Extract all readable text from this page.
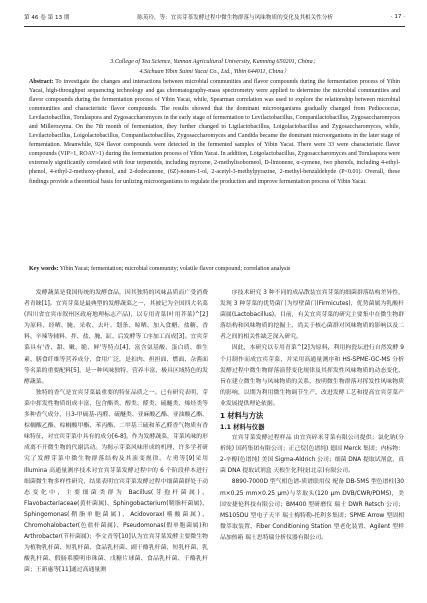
第 46 卷 第 13 期	陈英玲，等：宜宾芽茶发酵过程中微生物群落与风味物质的变化及其相关性分析	· 17 ·
3.College of Tea Science, Yunnan Agricultural University, Kunming 650201, China；
4.Sichuan Yibin Suimi Yacai Co., Ltd., Yibin 644011, China）
Abstract: To investigate the changes and interactions between microbial communities and flavor compounds during the fermentation process of Yibin Yacai, high-throughput sequencing technology and gas chromatography-mass spectrometry were applied to determine the microbial communities and flavor compounds during the fermentation process of Yibin Yacai, while, Spearman correlation was used to explore the relationship between microbial communities and characteristic flavor compounds. The results showed that the dominant microorganisms gradually changed from Pediococcus, Levilactobacillus, Torulaspora and Zygosaccharomyces in the early stage of fermentation to Levilactobacillus, Companilactobacillus, Zygosaccharomyces and Millerozyma. On the 7th month of fermentation, they further changed to Ligilactobacillus, Loigolactobacillus and Zygosaccharomyces, while, Levilactobacillus, Loigolactobacillus, Companilactobacillus, Zygosaccharomyces and Candida became the dominant microorganisms in the later stage of fermentation. Meanwhile, 924 flavor compounds were detected in the fermented samples of Yibin Yacai. There were 33 were characteristic flavor compounds (VIP>1, ROAV>1) during the fermentation process of Yibin Yacai. In addition, Lotgolactobacillus, Zygosaccharomyces and Torulaspora were extremely significantly correlated with four terpenoids, including myrcene, 2-methylisoborneol, D-limonene, α-cymene, two phenols, including 4-ethyl-phenol, 4-ethyl-2-methoxy-phenol, and 2-dodecanone, (6Z)-nonen-1-ol, 2-acetyl-3-methylpyrazine, 2-methyl-benzaldehyde (P<0.01). Overall, these findings provide a theoretical basis for unlizing microorganisms to regulate the production and improve fermentation process of Yibin Yacai.
Key words: Yibin Yacai; fermentation; microbial community; volatile flavor compound; correlation analysis

发酵蔬菜是我国传统的发酵食品，因其独特的风味品质而广受消费者青睐[1]。宜宾芽菜是最典型的发酵蔬菜之一，其被记为全国四大名菜(四川省宜宾市叙州区政府地理标志产品)，以专用青菜(叶用芥菜)^[2]为原料，经晒、腌、采收、去叶、划条、晾晒、加入食醋、盐糖、香料、辛辣等辅料，拌、盐、腌、缸、后发酵等工序加工而成[3]。宜宾芽菜具有'香、甜、嫩、脆、鲜'等特点[4]，富含氨基酸、蛋白质、维生素、膳食纤维等营养成分，食用广泛，是扣肉、担担面、燃面、杂酱面等名菜的重要配料[5]，是一种风味独特、营养丰富、极具区域特色的发酵蔬菜。

独特的香气是宜宾芽菜最重要的特征品质之一。已有研究表明，芽菜中挥发性物质组成丰富，包含酯类、醇类、醛类、硫醚类、烯烃类等多种香气成分，且3-甲硫基-丙醛、硫醚类、亚麻酸乙酯、亚油酸乙酯、棕榈酸乙酯、棕榈酸甲酯、苯丙酯、二甲基三硫和苯乙醛香气物质有香味特征，对宜宾芽菜中具有的成分[6-8]。作为发酵蔬菜，芽菜风味的形成离不开微生物的代谢活动。为揭示芽菜风味形成的机理，许多学者研究了发酵芽菜中微生物群落结构及其演变规律。左勇等[9]采用 Illumina 高通量测序技术对宜宾芽菜发酵过程中的 6 个阶段样本进行细菌微生物多样性研究，结果表明宜宾芽菜发酵过程中细菌菌群处于动态变化中，主要细菌类群为 Bacillus(芽孢杆菌属)、Flavobacteriaceae(黄杆菌属)、Sphingobacterium(鞘脂杆菌属)、Sphingomonas(鞘脂单胞菌属)、Acidovorax(嗜酸菌属)、Chromohalobacter(色盐杆菌属)、Pseudomonas(假单胞菌属)和 Arthrobacter(节杆菌属)；李文青等[10]认为宜宾芽菜发酵主要微生物为植物乳杆菌、短乳杆菌、食品乳杆菌、副干酪乳杆菌、短乳杆菌、乳酸乳杆菌、假肠系膜明串珠菌、戊糖片球菌、食品乳杆菌、干酪乳杆菌；王新惠等[11]通过高通量测

序技术研究 3 种不同的成品散装宜宾芽菜的细菌群落结构差异性，发现 3 种芽菜的优势菌门为厚壁菌门(Firmicutes)，优势菌属为乳酸杆菌属(Lactobacillus)。目前，有关宜宾芽菜的研究主要集中在微生物群落结构和风味物质的挖掘上，尚关于核心菌群对风味物质的影响以及二者之间的相关性缺乏深入研究。

因此，本研究以专用青菜^[2]为原料，利用拘瓷坛进行自然发酵 9 个月制作而成宜宾芽菜，并采用高通量测序和 HS-SPME-GC-MS 分析发酵过程中微生物群落演替变化规律及其挥发性风味物质的动态变化，旨在建立微生物与风味物质的关系，按明微生物群落对挥发性风味物质的影响，以期为利用微生物调节生产、改进发酵工艺和提高宜宾芽菜产业发展提供理论依据。

1 材料与方法

1.1 材料与仪器

宜宾芽菜发酵过程样品 由宜宾碎米芽菜有限公司提供；氯化钠(分析纯) 国药集团有限公司；正己烷(色谱纯) 德国 Merck 集团；内标物：2-辛醇(色谱纯) 美国 Sigma-Aldrich 公司；细菌 DNA 提取试剂盒、真菌 DNA 提取试剂盒 天根生化科技(北京)有限公司。

8890-7000D 型气相色谱-质谱联用仪 配备 DB-5MS 型色谱柱(30 m×0.25 mm×0.25 μm)与萃取头(120 μm DVB/CWR/PDMS)，美国安捷伦科技有限公司；BM400 型研磨仪 瑞士 DWR Retsch 公司；MS105DU 型电子天平 瑞士梅特勒-托利多集团；SPME Arrow 型固相微萃取装置、Fiber Conditioning Station 型老化装置、Agilent 型样品加热箱 瑞士思特瑞分析仪器有限公司。
